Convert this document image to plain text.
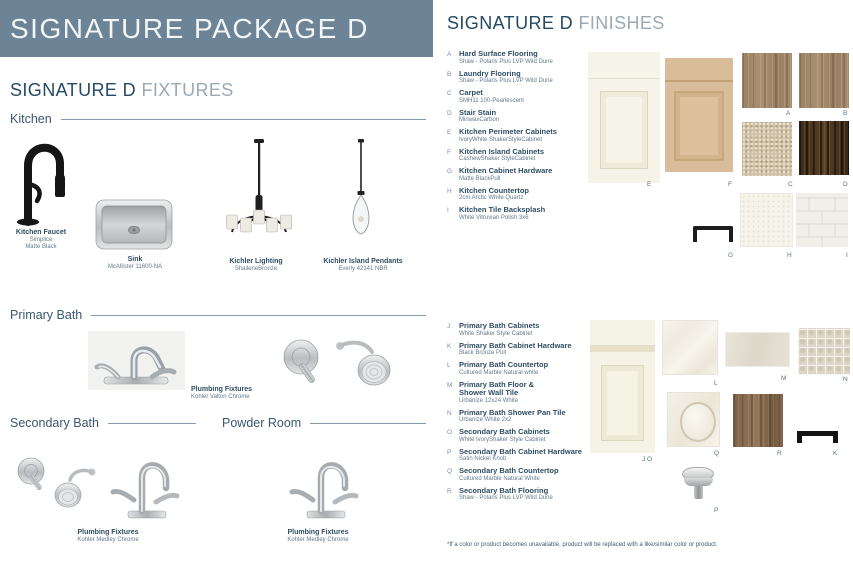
SIGNATURE PACKAGE D
SIGNATURE D FIXTURES
Kitchen
Kitchen Faucet
Simplice
Matte Black
Sink
McAllister 11600-NA
Kichler Lighting
ShaileneBronze
Kichler Island Pendants
Everly 42141 NBR
Primary Bath
Plumbing Fixtures
Kohler Valton Chrome
Secondary Bath	Powder Room
Plumbing Fixtures
Kohler Medley Chrome
Plumbing Fixtures
Kohler Medley Chrome
SIGNATURE D FINISHES
A	Hard Surface Flooring
Shaw - Polaris Plus LVP Wild Dune
B	Laundry Flooring
Shaw - Polaris Plus LVP Wild Dune
C Carpet
SMH11 100-Pearlescent
D Stair Stain
MinwaxCarbon
E	Kitchen Perimeter Cabinets
IvoryWhite ShakerStyleCabinet
F	Kitchen Island Cabinets
CashewShaker StyleCabinet
G Kitchen Cabinet Hardware
Matte BlackPull
H Kitchen Countertop
2cm Arctic White Quartz
I	Kitchen Tile Backsplash
White Vitruvian Polish 3x6
J	Primary Bath Cabinets
White Shaker Style Cabinet
K	Primary Bath Cabinet Hardware
Black Bronze Pull
L	Primary Bath Countertop
Cultured Marble Natural white
M Primary Bath Floor &
Shower Wall Tile
Urbanize 12x24 White
N Primary Bath Shower Pan Tile
Urbanize White 2x2
O Secondary Bath Cabinets
White IvoryShaker Style Cabinet
P	Secondary Bath Cabinet Hardware
Satin Nickel Knob
Q Secondary Bath Countertop
Cultured Marble Natural White
R Secondary Bath Flooring
Shaw - Polaris Plus LVP Wild Dune
A	B
C	D
E	F
G	H	I
J O
L
M	N
Q	R	K
P
*If a color or product becomes unavailable, product will be replaced with a like/similar color or product.
